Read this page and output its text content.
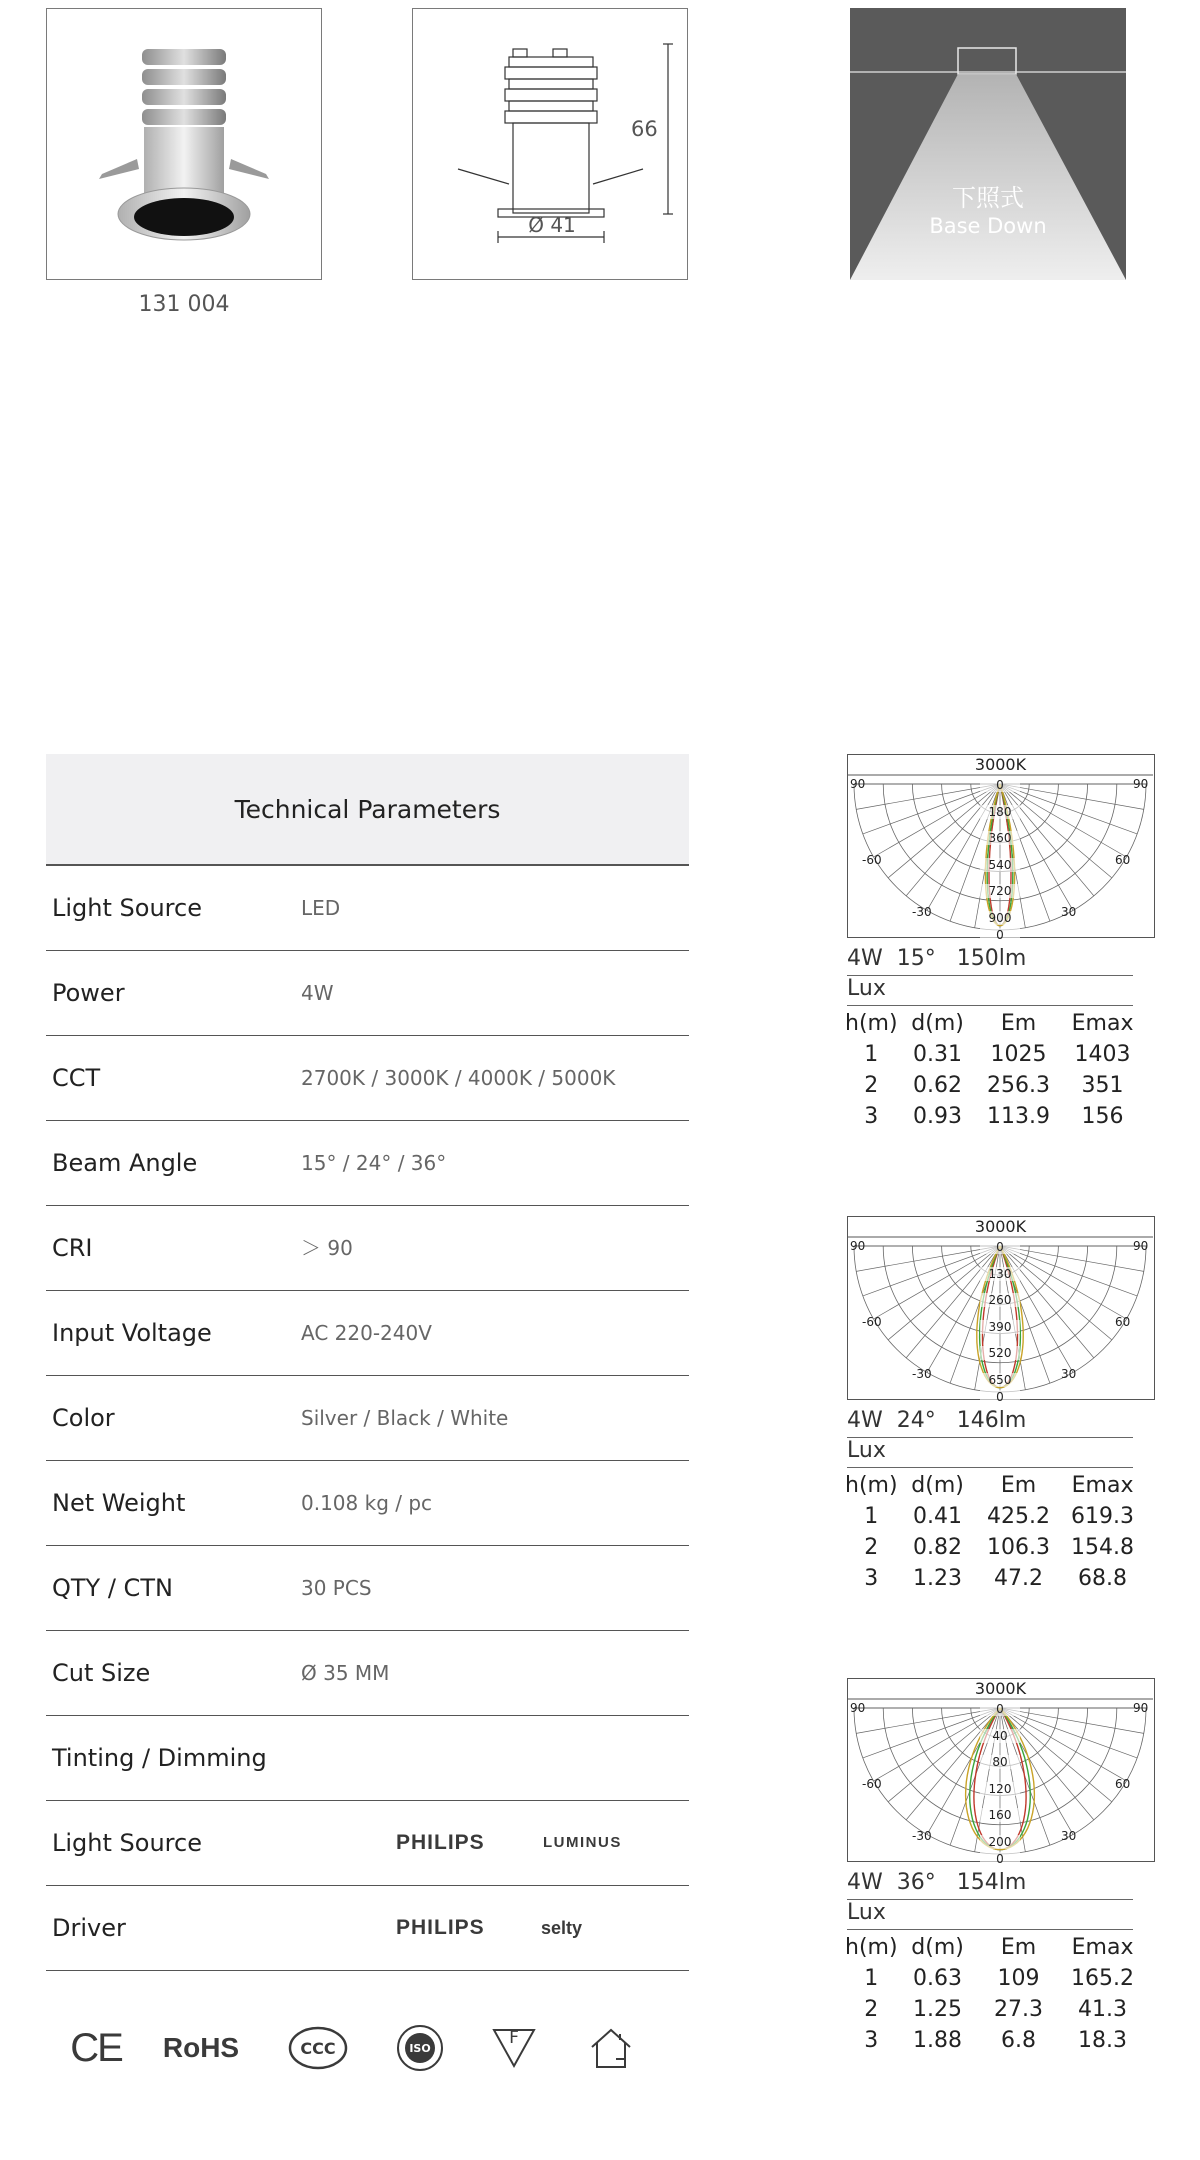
131 004
66
Ø 41
下照式
Base Down
Technical Parameters
Light Source	LED
Power	4W
CCT	2700K / 3000K / 4000K / 5000K
Beam Angle	15° / 24° / 36°
CRI	＞ 90
Input Voltage	AC 220-240V
Color	Silver / Black / White
Net Weight	0.108 kg / pc
QTY / CTN	30 PCS
Cut Size	Ø 35 MM
Tinting / Dimming
Light Source	PHILIPS	LUMINUS
Driver	PHILIPS	selty
CE RoHS	CCC	ISO	F
3000K
0
180
360
540
720
900
0
90	90
-60	60
-30	30
4W  15°   150lm
Lux
h(m)	d(m)	Em	Emax
1	0.31	1025	1403
2	0.62	256.3	351
3	0.93	113.9	156
3000K
0
130
260
390
520
650
0
90	90
-60	60
-30	30
4W  24°   146lm
Lux
h(m)	d(m)	Em	Emax
1	0.41	425.2	619.3
2	0.82	106.3	154.8
3	1.23	47.2	68.8
3000K
0
40
80
120
160
200
0
90	90
-60	60
-30	30
4W  36°   154lm
Lux
h(m)	d(m)	Em	Emax
1	0.63	109	165.2
2	1.25	27.3	41.3
3	1.88	6.8	18.3
